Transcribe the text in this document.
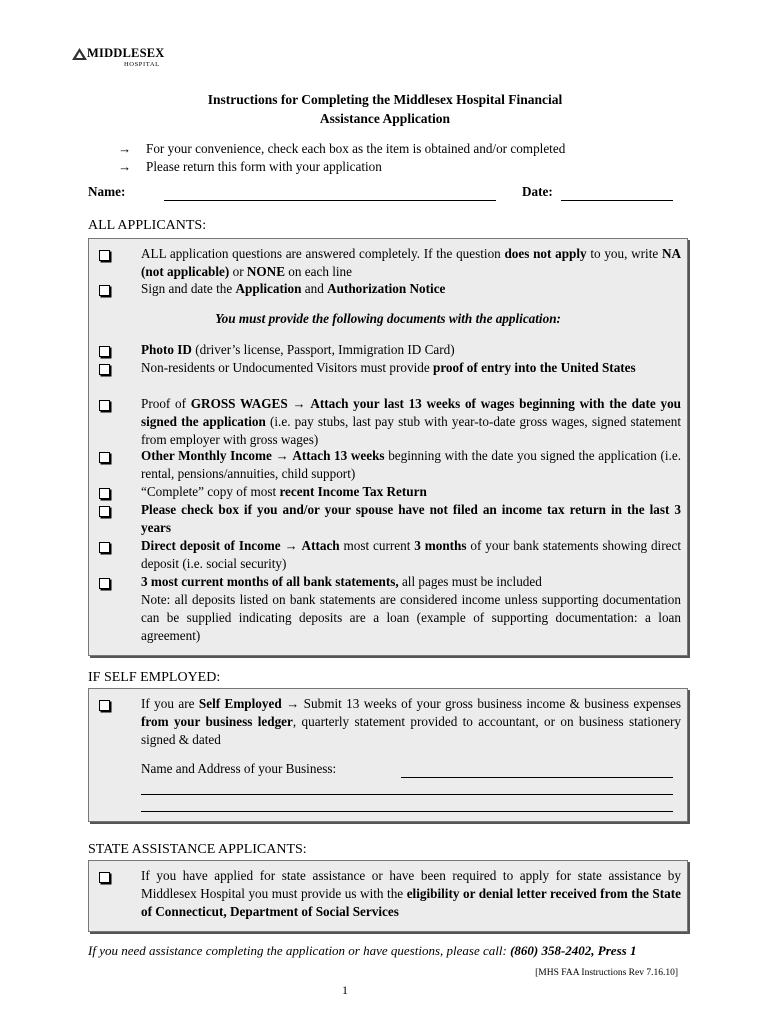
MIDDLESEX
HOSPITAL
Instructions for Completing the Middlesex Hospital Financial
Assistance Application
→ For your convenience, check each box as the item is obtained and/or completed
→ Please return this form with your application
Name:	Date:
ALL APPLICANTS:
ALL application questions are answered completely. If the question does not apply to you, write NA (not applicable) or NONE on each line
Sign and date the Application and Authorization Notice
You must provide the following documents with the application:
Photo ID (driver’s license, Passport, Immigration ID Card)
Non-residents or Undocumented Visitors must provide proof of entry into the United States
Proof of GROSS WAGES → Attach your last 13 weeks of wages beginning with the date you signed the application (i.e. pay stubs, last pay stub with year-to-date gross wages, signed statement from employer with gross wages)
Other Monthly Income → Attach 13 weeks beginning with the date you signed the application (i.e. rental, pensions/annuities, child support)
“Complete” copy of most recent Income Tax Return
Please check box if you and/or your spouse have not filed an income tax return in the last 3 years
Direct deposit of Income → Attach most current 3 months of your bank statements showing direct deposit (i.e. social security)
3 most current months of all bank statements, all pages must be included
Note: all deposits listed on bank statements are considered income unless supporting documentation can be supplied indicating deposits are a loan (example of supporting documentation: a loan agreement)
IF SELF EMPLOYED:
If you are Self Employed → Submit 13 weeks of your gross business income & business expenses from your business ledger, quarterly statement provided to accountant, or on business stationery signed & dated
Name and Address of your Business:
STATE ASSISTANCE APPLICANTS:
If you have applied for state assistance or have been required to apply for state assistance by Middlesex Hospital you must provide us with the eligibility or denial letter received from the State of Connecticut, Department of Social Services
If you need assistance completing the application or have questions, please call: (860) 358-2402, Press 1
[MHS FAA Instructions Rev 7.16.10]
1
